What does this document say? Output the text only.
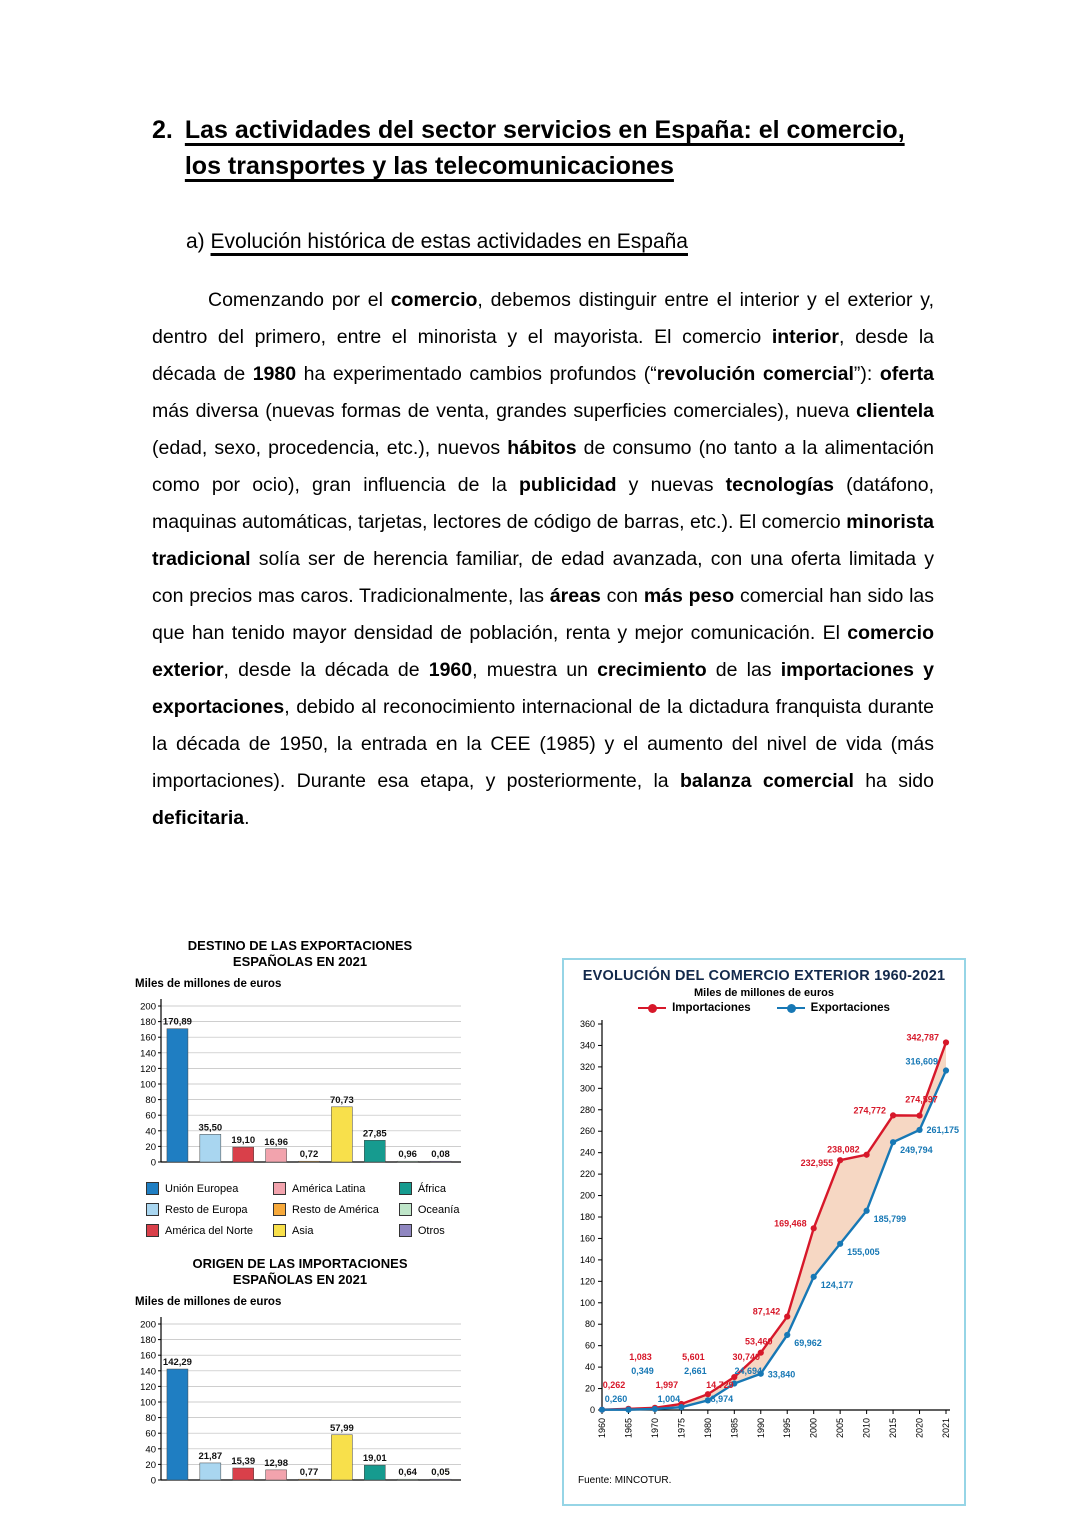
2. Las actividades del sector servicios en España: el comercio,
los transportes y las telecomunicaciones
a) Evolución histórica de estas actividades en España

Comenzando por el comercio, debemos distinguir entre el interior y el exterior y, dentro del primero, entre el minorista y el mayorista. El comercio interior, desde la década de 1980 ha experimentado cambios profundos (“revolución comercial”): oferta más diversa (nuevas formas de venta, grandes superficies comerciales), nueva clientela (edad, sexo, procedencia, etc.), nuevos hábitos de consumo (no tanto a la alimentación como por ocio), gran influencia de la publicidad y nuevas tecnologías (datáfono, maquinas automáticas, tarjetas, lectores de código de barras, etc.). El comercio minorista tradicional solía ser de herencia familiar, de edad avanzada, con una oferta limitada y con precios mas caros. Tradicionalmente, las áreas con más peso comercial han sido las que han tenido mayor densidad de población, renta y mejor comunicación. El comercio exterior, desde la década de 1960, muestra un crecimiento de las importaciones y exportaciones, debido al reconocimiento internacional de la dictadura franquista durante la década de 1950, la entrada en la CEE (1985) y el aumento del nivel de vida (más importaciones). Durante esa etapa, y posteriormente, la balanza comercial ha sido deficitaria.

DESTINO DE LAS EXPORTACIONES
ESPAÑOLAS EN 2021
Miles de millones de euros
0
20
40
60
80
100
120
140
160
180
200
170,89
35,50
19,10 16,96
0,72
70,73
27,85
0,96 0,08
Unión Europea
Resto de Europa
América del Norte
América Latina
Resto de América
Asia
África
Oceanía
Otros
ORIGEN DE LAS IMPORTACIONES
ESPAÑOLAS EN 2021
Miles de millones de euros
0
20
40
60
80
100
120
140
160
180
200
142,29
21,87 15,39 12,98
0,77
57,99
19,01
0,64 0,05
EVOLUCIÓN DEL COMERCIO EXTERIOR 1960-2021
Miles de millones de euros
Importaciones	Exportaciones
0
20
40
60
80
100
120
140
160
180
200
220
240
260
280
300
320
340
360
1960 1965 1970 1975 1980 1985 1990 1995 2000 2005 2010 2015 2020 2021
0,262
1,083
1,997
5,601
14,729
30,740
53,460
87,142
169,468
232,955
238,082
274,772
274,597
342,787
0,260
0,349
1,004
2,661
8,974
24,694 33,840
69,962
124,177
155,005
185,799
249,794
261,175
316,609
Fuente: MINCOTUR.
